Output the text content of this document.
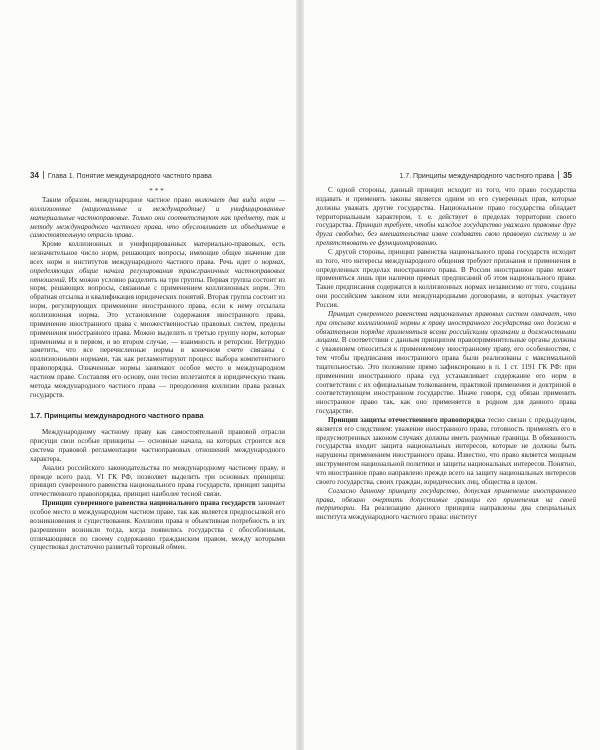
34 Глава 1. Понятие международного частного права
***

Таким образом, международное частное право включает два вида норм — коллизионные (национальные и международные) и унифицированные материальные частноправовые. Только они соответствуют как предмету, так и методу международного частного права, что обусловливает их объединение в самостоятельную отрасль права.

Кроме коллизионных и унифицированных материально-правовых, есть незначительное число норм, решающих вопросы, имеющие общее значение для всех норм и институтов международного частного права. Речь идет о нормах, определяющих общие начала регулирования трансграничных частноправовых отношений. Их можно условно разделить на три группы. Первая группа состоит из норм, решающих вопросы, связанные с применением коллизионных норм. Это обратная отсылка и квалификация юридических понятий. Вторая группа состоит из норм, регулирующих применение иностранного права, если к нему отсылала коллизионная норма. Это установление содержания иностранного права, применение иностранного права с множественностью правовых систем, пределы применения иностранного права. Можно выделить и третью группу норм, которые применимы и в первом, и во втором случае, — взаимность и реторсии. Нетрудно заметить, что все перечисленные нормы в конечном счете связаны с коллизионными нормами, так как регламентируют процесс выбора компетентного правопорядка. Означенные нормы занимают особое место в международном частном праве. Составляя его основу, они тесно вплетаются в юридическую ткань метода международного частного права — преодоления коллизии права разных государств.

1.7. Принципы международного частного права

Международному частному праву как самостоятельной правовой отрасли присущи свои особые принципы — основные начала, на которых строится вся система правовой регламентации частноправовых отношений международного характера.

Анализ российского законодательства по международному частному праву, и прежде всего разд. VI ГК РФ, позволяет выделить три основных принципа: принцип суверенного равенства национального права государств, принцип защиты отечественного правопорядка, принцип наиболее тесной связи.

Принцип суверенного равенства национального права государств занимает особое место в международном частном праве, так как является предпосылкой его возникновения и существования. Коллизии права и объективная потребность в их разрешении возникли тогда, когда появились государства с обособленным, отличающимся по своему содержанию гражданским правом, между которыми существовал достаточно развитый торговый обмен.

1.7. Принципы международного частного права 35

С одной стороны, данный принцип исходит из того, что право государства издавать и применять законы является одним из его суверенных прав, которые должны уважать другие государства. Национальное право государства обладает территориальным характером, т. е. действует в пределах территории своего государства. Принцип требует, чтобы каждое государство уважало правовые друг друга свободно, без вмешательства извне создавать свою правовую систему и не препятствовать ее функционированию.

С другой стороны, принцип равенства национального права государств исходит из того, что интересы международного общения требуют признания и применения в определенных пределах иностранного права. В России иностранное право может применяться лишь при наличии прямых предписаний об этом национального права. Такие предписания содержатся в коллизионных нормах независимо от того, созданы они российским законом или международными договорами, в которых участвует Россия.

Принцип суверенного равенства национальных правовых систем означает, что при отсылке коллизионной нормы к праву иностранного государства оно должно в обязательном порядке применяться всеми российскими органами и должностными лицами. В соответствии с данным принципом правоприменительные органы должны с уважением относиться к применяемому иностранному праву, его особенностям, с тем чтобы предписания иностранного права были реализованы с максимальной тщательностью. Это положение прямо зафиксировано в п. 1 ст. 1191 ГК РФ: при применении иностранного права суд устанавливает содержание его норм в соответствии с их официальным толкованием, практикой применения и доктриной в соответствующем иностранном государстве. Иначе говоря, суд обязан применить иностранное право так, как оно применяется в родном для данного права государстве.

Принцип защиты отечественного правопорядка тесно связан с предыдущим, является его следствием: уважение иностранного права, готовность применять его в предусмотренных законом случаях должны иметь разумные границы. В обязанность государства входит защита национальных интересов, которые не должны быть нарушены применением иностранного права. Известно, что право является мощным инструментом национальной политики и защиты национальных интересов. Понятно, что иностранное право направлено прежде всего на защиту национальных интересов своего государства, своих граждан, юридических лиц, общества в целом.

Согласно данному принципу государство, допуская применение иностранного права, обязано очертить допустимые границы его применения на своей территории. На реализацию данного принципа направлены два специальных института международного частного права: институт
